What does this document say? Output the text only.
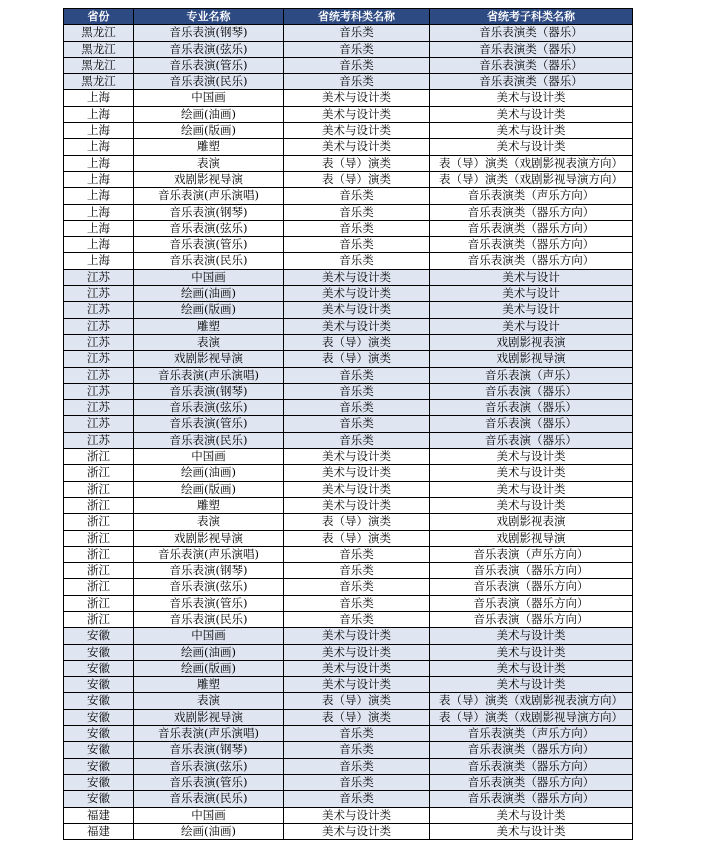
省份	专业名称	省统考科类名称	省统考子科类名称
黑龙江	音乐表演(钢琴)	音乐类	音乐表演类（器乐）
黑龙江	音乐表演(弦乐)	音乐类	音乐表演类（器乐）
黑龙江	音乐表演(管乐)	音乐类	音乐表演类（器乐）
黑龙江	音乐表演(民乐)	音乐类	音乐表演类（器乐）
上海	中国画	美术与设计类	美术与设计类
上海	绘画(油画)	美术与设计类	美术与设计类
上海	绘画(版画)	美术与设计类	美术与设计类
上海	雕塑	美术与设计类	美术与设计类
上海	表演	表（导）演类	表（导）演类（戏剧影视表演方向）
上海	戏剧影视导演	表（导）演类	表（导）演类（戏剧影视导演方向）
上海	音乐表演(声乐演唱)	音乐类	音乐表演类（声乐方向）
上海	音乐表演(钢琴)	音乐类	音乐表演类（器乐方向）
上海	音乐表演(弦乐)	音乐类	音乐表演类（器乐方向）
上海	音乐表演(管乐)	音乐类	音乐表演类（器乐方向）
上海	音乐表演(民乐)	音乐类	音乐表演类（器乐方向）
江苏	中国画	美术与设计类	美术与设计
江苏	绘画(油画)	美术与设计类	美术与设计
江苏	绘画(版画)	美术与设计类	美术与设计
江苏	雕塑	美术与设计类	美术与设计
江苏	表演	表（导）演类	戏剧影视表演
江苏	戏剧影视导演	表（导）演类	戏剧影视导演
江苏	音乐表演(声乐演唱)	音乐类	音乐表演（声乐）
江苏	音乐表演(钢琴)	音乐类	音乐表演（器乐）
江苏	音乐表演(弦乐)	音乐类	音乐表演（器乐）
江苏	音乐表演(管乐)	音乐类	音乐表演（器乐）
江苏	音乐表演(民乐)	音乐类	音乐表演（器乐）
浙江	中国画	美术与设计类	美术与设计类
浙江	绘画(油画)	美术与设计类	美术与设计类
浙江	绘画(版画)	美术与设计类	美术与设计类
浙江	雕塑	美术与设计类	美术与设计类
浙江	表演	表（导）演类	戏剧影视表演
浙江	戏剧影视导演	表（导）演类	戏剧影视导演
浙江	音乐表演(声乐演唱)	音乐类	音乐表演（声乐方向）
浙江	音乐表演(钢琴)	音乐类	音乐表演（器乐方向）
浙江	音乐表演(弦乐)	音乐类	音乐表演（器乐方向）
浙江	音乐表演(管乐)	音乐类	音乐表演（器乐方向）
浙江	音乐表演(民乐)	音乐类	音乐表演（器乐方向）
安徽	中国画	美术与设计类	美术与设计类
安徽	绘画(油画)	美术与设计类	美术与设计类
安徽	绘画(版画)	美术与设计类	美术与设计类
安徽	雕塑	美术与设计类	美术与设计类
安徽	表演	表（导）演类	表（导）演类（戏剧影视表演方向）
安徽	戏剧影视导演	表（导）演类	表（导）演类（戏剧影视导演方向）
安徽	音乐表演(声乐演唱)	音乐类	音乐表演类（声乐方向）
安徽	音乐表演(钢琴)	音乐类	音乐表演类（器乐方向）
安徽	音乐表演(弦乐)	音乐类	音乐表演类（器乐方向）
安徽	音乐表演(管乐)	音乐类	音乐表演类（器乐方向）
安徽	音乐表演(民乐)	音乐类	音乐表演类（器乐方向）
福建	中国画	美术与设计类	美术与设计类
福建	绘画(油画)	美术与设计类	美术与设计类
